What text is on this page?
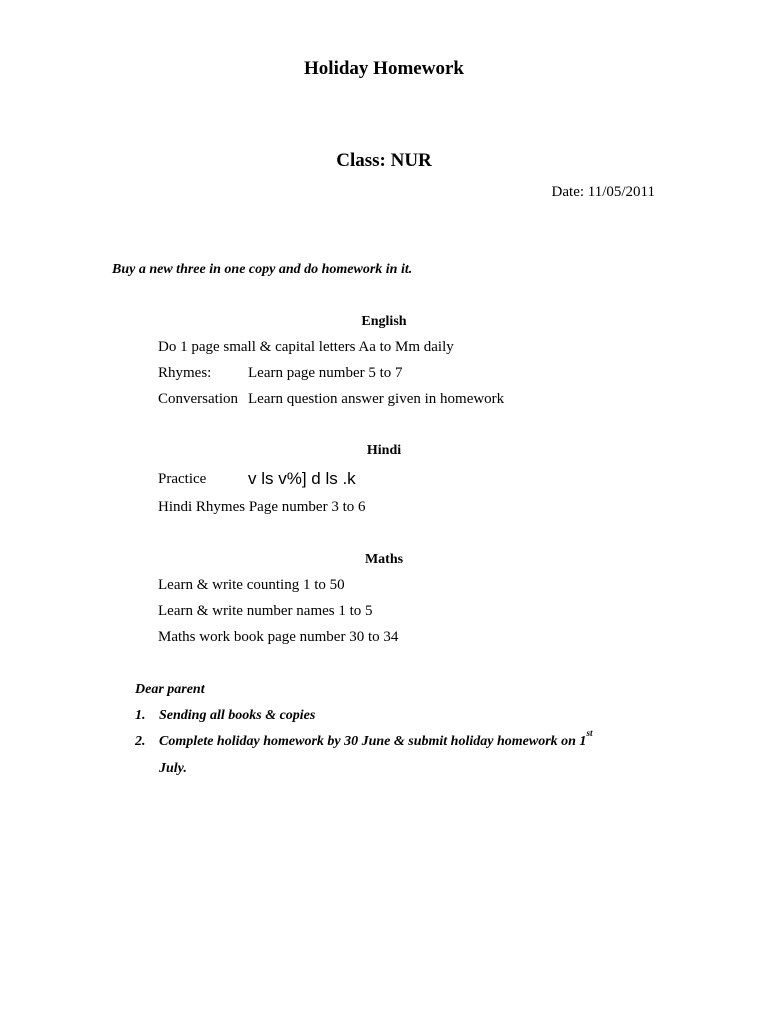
Holiday Homework
Class: NUR
Date: 11/05/2011
Buy a new three in one copy and do homework in it.
English
Do 1 page small & capital letters Aa to Mm daily
Rhymes: Learn page number 5 to 7
Conversation Learn question answer given in homework
Hindi
Practice v ls v%] d ls .k
Hindi Rhymes Page number 3 to 6
Maths
Learn & write counting 1 to 50
Learn & write number names 1 to 5
Maths work book page number 30 to 34
Dear parent
1. Sending all books & copies
2. Complete holiday homework by 30 June & submit holiday homework on 1st
July.
